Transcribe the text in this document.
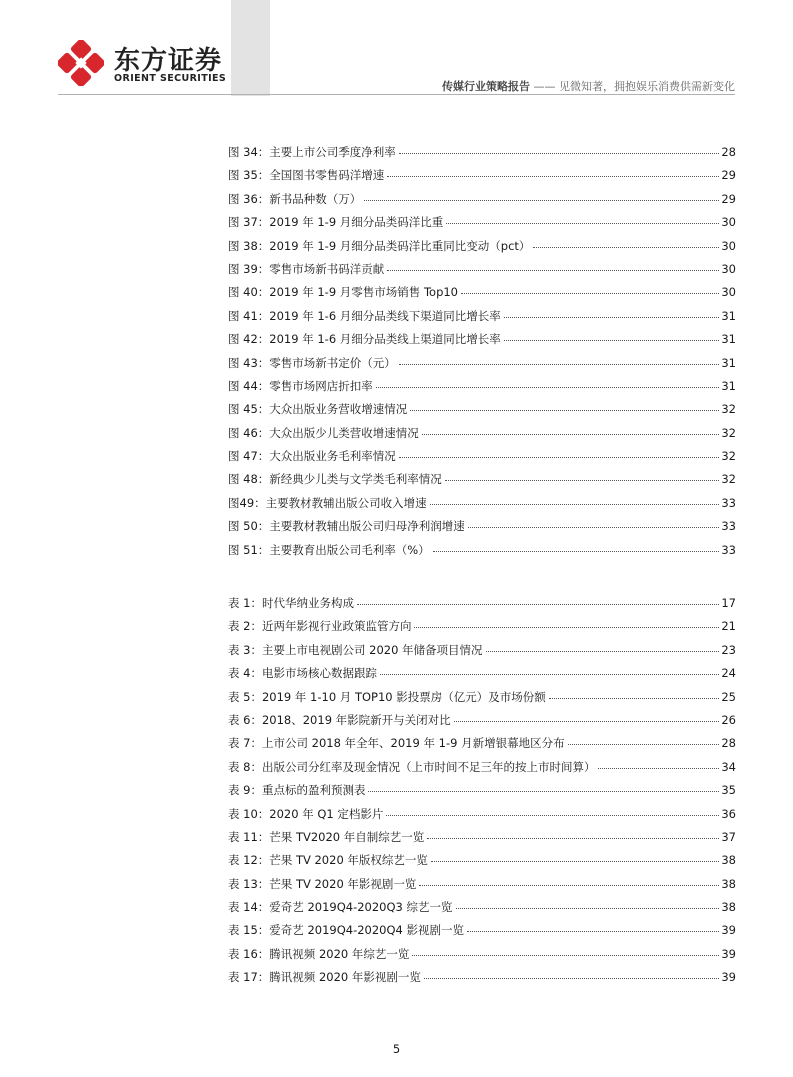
东方证券
ORIENT SECURITIES
传媒行业策略报告 —— 见微知著，拥抱娱乐消费供需新变化
图 34：主要上市公司季度净利率	28
图 35：全国图书零售码洋增速	29
图 36：新书品种数（万）	29
图 37：2019 年 1-9 月细分品类码洋比重	30
图 38：2019 年 1-9 月细分品类码洋比重同比变动（pct）	30
图 39：零售市场新书码洋贡献	30
图 40：2019 年 1-9 月零售市场销售 Top10	30
图 41：2019 年 1-6 月细分品类线下渠道同比增长率	31
图 42：2019 年 1-6 月细分品类线上渠道同比增长率	31
图 43：零售市场新书定价（元）	31
图 44：零售市场网店折扣率	31
图 45：大众出版业务营收增速情况	32
图 46：大众出版少儿类营收增速情况	32
图 47：大众出版业务毛利率情况	32
图 48：新经典少儿类与文学类毛利率情况	32
图49：主要教材教辅出版公司收入增速	33
图 50：主要教材教辅出版公司归母净利润增速	33
图 51：主要教育出版公司毛利率（%）	33
表 1：时代华纳业务构成	17
表 2：近两年影视行业政策监管方向	21
表 3：主要上市电视剧公司 2020 年储备项目情况	23
表 4：电影市场核心数据跟踪	24
表 5：2019 年 1-10 月 TOP10 影投票房（亿元）及市场份额	25
表 6：2018、2019 年影院新开与关闭对比	26
表 7：上市公司 2018 年全年、2019 年 1-9 月新增银幕地区分布	28
表 8：出版公司分红率及现金情况（上市时间不足三年的按上市时间算）	34
表 9：重点标的盈利预测表	35
表 10：2020 年 Q1 定档影片	36
表 11：芒果 TV2020 年自制综艺一览	37
表 12：芒果 TV 2020 年版权综艺一览	38
表 13：芒果 TV 2020 年影视剧一览	38
表 14：爱奇艺 2019Q4-2020Q3 综艺一览	38
表 15：爱奇艺 2019Q4-2020Q4 影视剧一览	39
表 16：腾讯视频 2020 年综艺一览	39
表 17：腾讯视频 2020 年影视剧一览	39
5
